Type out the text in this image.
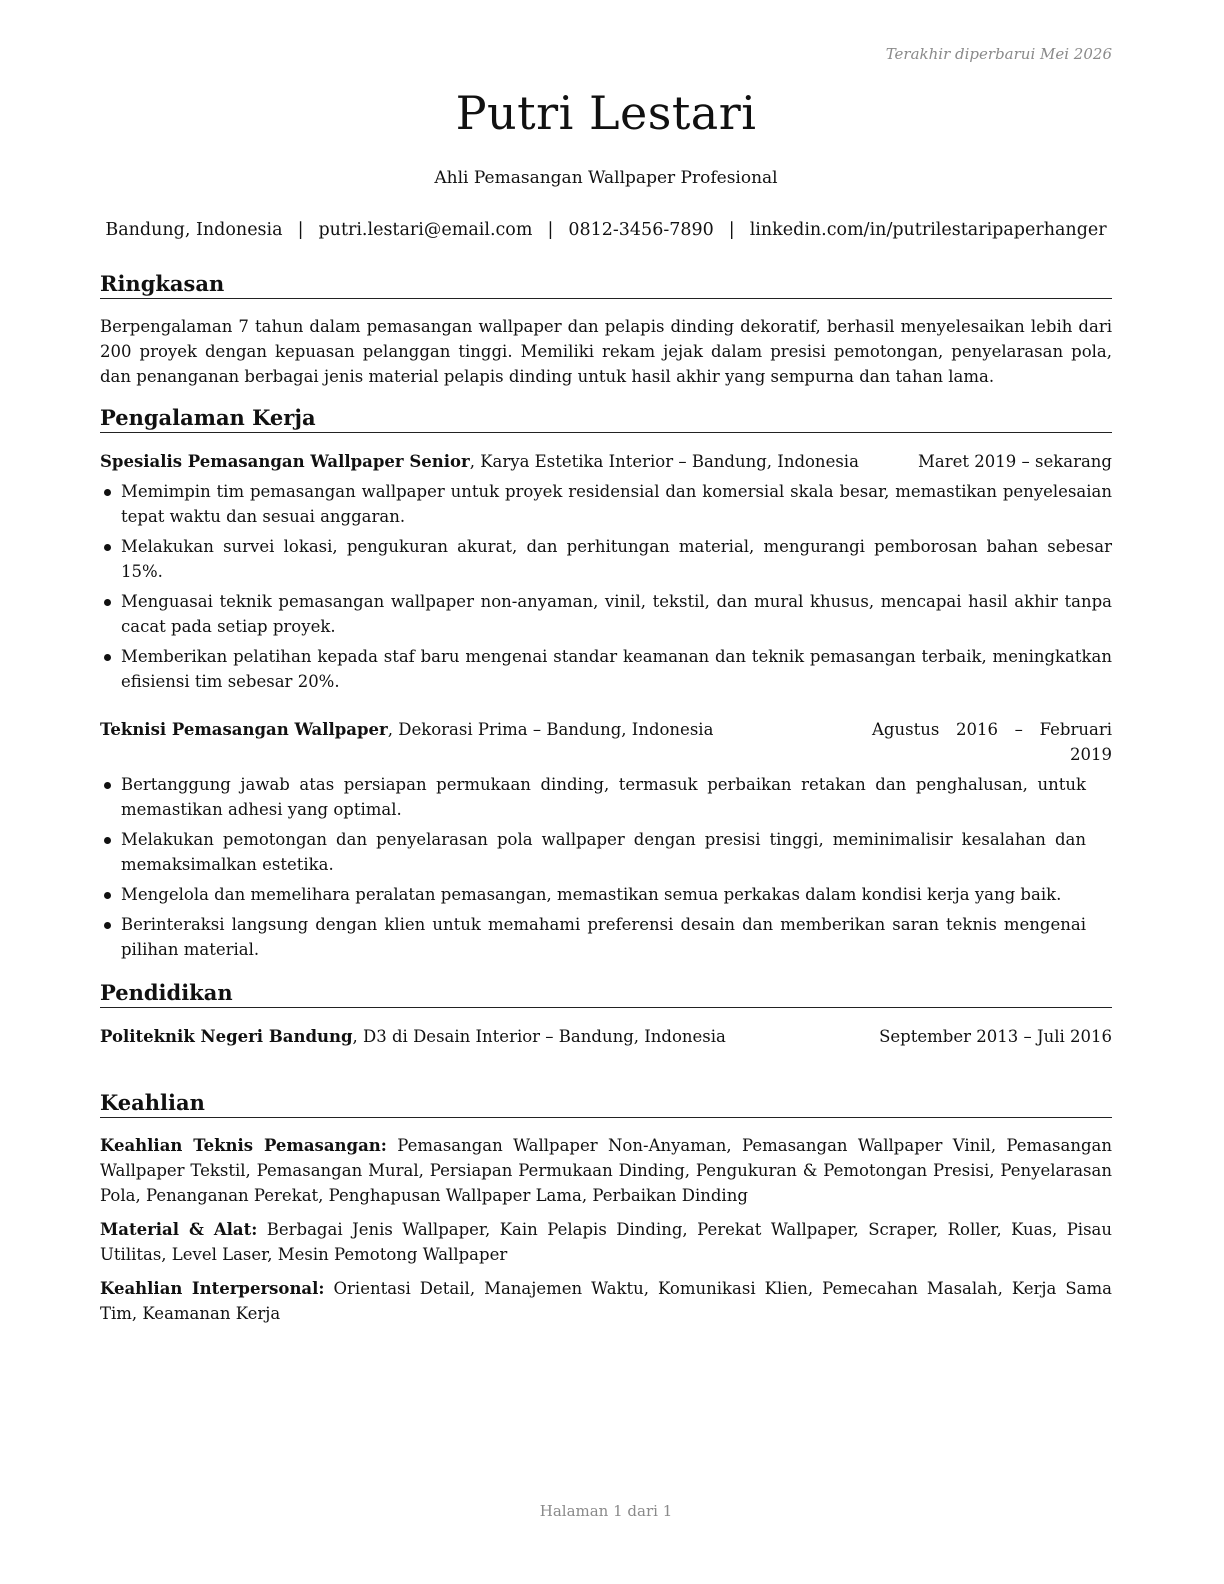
Terakhir diperbarui Mei 2026
Putri Lestari
Ahli Pemasangan Wallpaper Profesional
Bandung, Indonesia | putri.lestari@email.com | 0812-3456-7890 | linkedin.com/in/putrilestaripaperhanger
Ringkasan
Berpengalaman 7 tahun dalam pemasangan wallpaper dan pelapis dinding dekoratif, berhasil menyelesaikan lebih dari 200 proyek dengan kepuasan pelanggan tinggi. Memiliki rekam jejak dalam presisi pemotongan, penyelarasan pola, dan penanganan berbagai jenis material pelapis dinding untuk hasil akhir yang sempurna dan tahan lama.
Pengalaman Kerja
Spesialis Pemasangan Wallpaper Senior, Karya Estetika Interior – Bandung, Indonesia	Maret 2019 – sekarang
Memimpin tim pemasangan wallpaper untuk proyek residensial dan komersial skala besar, memastikan penyelesaian tepat waktu dan sesuai anggaran.
Melakukan survei lokasi, pengukuran akurat, dan perhitungan material, mengurangi pemborosan bahan sebesar 15%.
Menguasai teknik pemasangan wallpaper non-anyaman, vinil, tekstil, dan mural khusus, mencapai hasil akhir tanpa cacat pada setiap proyek.
Memberikan pelatihan kepada staf baru mengenai standar keamanan dan teknik pemasangan terbaik, meningkatkan efisiensi tim sebesar 20%.
Teknisi Pemasangan Wallpaper, Dekorasi Prima – Bandung, Indonesia	Agustus 2016 – Februari 2019
Bertanggung jawab atas persiapan permukaan dinding, termasuk perbaikan retakan dan penghalusan, untuk memastikan adhesi yang optimal.
Melakukan pemotongan dan penyelarasan pola wallpaper dengan presisi tinggi, meminimalisir kesalahan dan memaksimalkan estetika.
Mengelola dan memelihara peralatan pemasangan, memastikan semua perkakas dalam kondisi kerja yang baik.
Berinteraksi langsung dengan klien untuk memahami preferensi desain dan memberikan saran teknis mengenai pilihan material.
Pendidikan
Politeknik Negeri Bandung, D3 di Desain Interior – Bandung, Indonesia	September 2013 – Juli 2016
Keahlian
Keahlian Teknis Pemasangan: Pemasangan Wallpaper Non-Anyaman, Pemasangan Wallpaper Vinil, Pemasangan Wallpaper Tekstil, Pemasangan Mural, Persiapan Permukaan Dinding, Pengukuran & Pemotongan Presisi, Penyelarasan Pola, Penanganan Perekat, Penghapusan Wallpaper Lama, Perbaikan Dinding
Material & Alat: Berbagai Jenis Wallpaper, Kain Pelapis Dinding, Perekat Wallpaper, Scraper, Roller, Kuas, Pisau Utilitas, Level Laser, Mesin Pemotong Wallpaper
Keahlian Interpersonal: Orientasi Detail, Manajemen Waktu, Komunikasi Klien, Pemecahan Masalah, Kerja Sama Tim, Keamanan Kerja
Halaman 1 dari 1
